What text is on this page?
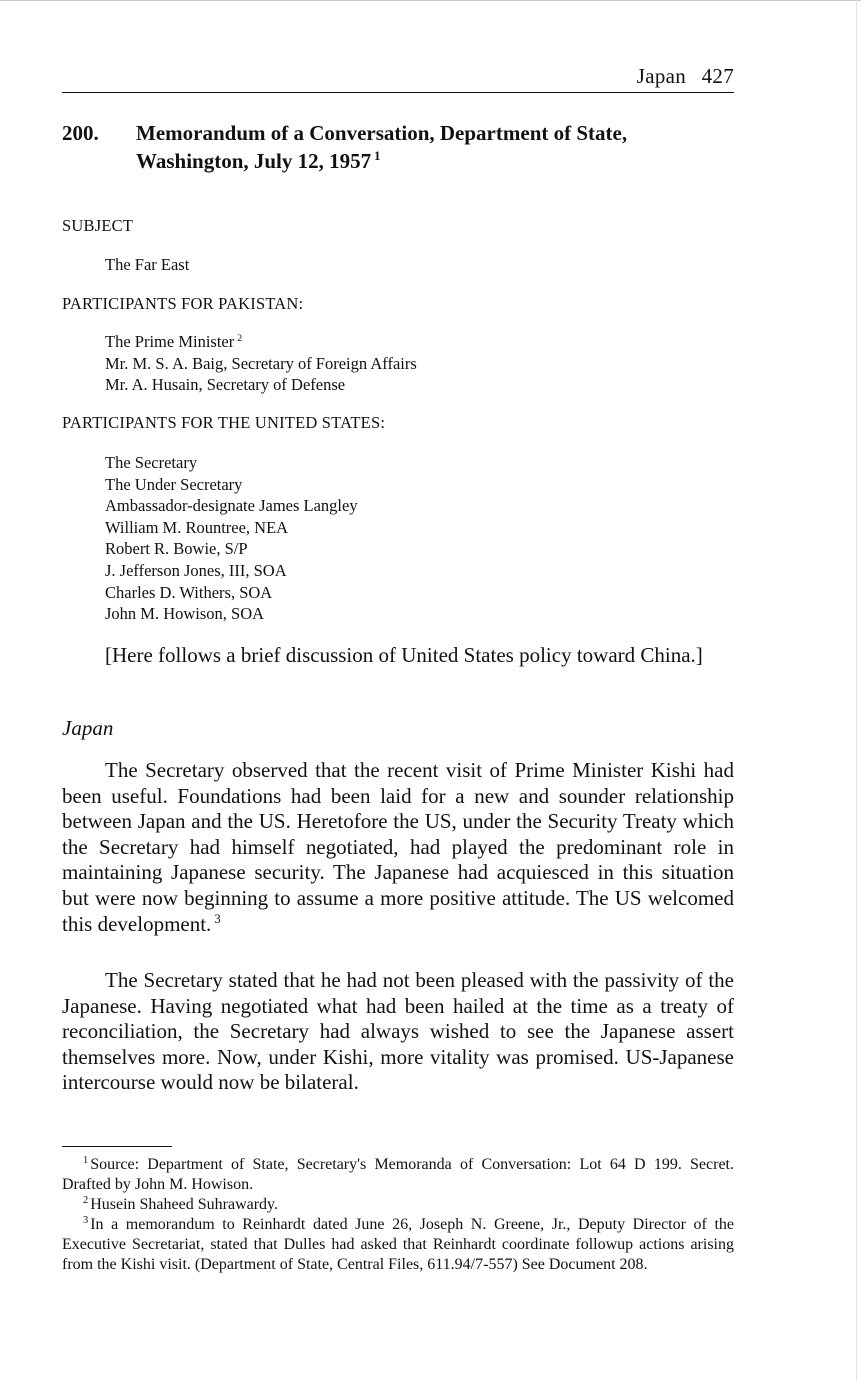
Japan 427
200. Memorandum of a Conversation, Department of State, Washington, July 12, 1957 $^1$
SUBJECT
The Far East
PARTICIPANTS FOR PAKISTAN:
The Prime Minister $^2$
Mr. M. S. A. Baig, Secretary of Foreign Affairs
Mr. A. Husain, Secretary of Defense
PARTICIPANTS FOR THE UNITED STATES:
The Secretary
The Under Secretary
Ambassador-designate James Langley
William M. Rountree, NEA
Robert R. Bowie, S/P
J. Jefferson Jones, III, SOA
Charles D. Withers, SOA
John M. Howison, SOA

[Here follows a brief discussion of United States policy toward China.]

Japan

The Secretary observed that the recent visit of Prime Minister Kishi had been useful. Foundations had been laid for a new and sounder relationship between Japan and the US. Heretofore the US, under the Security Treaty which the Secretary had himself negotiated, had played the predominant role in maintaining Japanese security. The Japanese had acquiesced in this situation but were now beginning to assume a more positive attitude. The US welcomed this development. $^3$

The Secretary stated that he had not been pleased with the passivity of the Japanese. Having negotiated what had been hailed at the time as a treaty of reconciliation, the Secretary had always wished to see the Japanese assert themselves more. Now, under Kishi, more vitality was promised. US-Japanese intercourse would now be bilateral.

$^1$ Source: Department of State, Secretary's Memoranda of Conversation: Lot 64 D 199. Secret. Drafted by John M. Howison.

$^2$ Husein Shaheed Suhrawardy.

$^3$ In a memorandum to Reinhardt dated June 26, Joseph N. Greene, Jr., Deputy Director of the Executive Secretariat, stated that Dulles had asked that Reinhardt coordinate followup actions arising from the Kishi visit. (Department of State, Central Files, 611.94/7-557) See Document 208.
